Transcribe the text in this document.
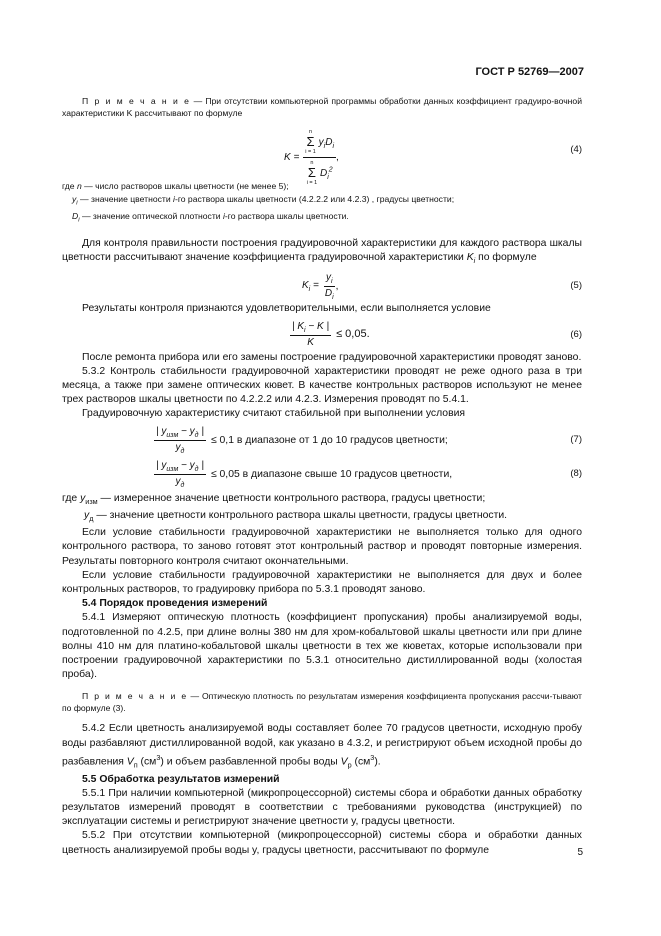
ГОСТ Р 52769—2007

П р и м е ч а н и е — При отсутствии компьютерной программы обработки данных коэффициент градуиро-вочной характеристики K рассчитывают по формуле

K = n
Σ
i = 1
$y_iD_i$
n
Σ
i = 1
$D_i^2$ ,
(4)

где n — число растворов шкалы цветности (не менее 5);

$y_i$ — значение цветности i-го раствора шкалы цветности (4.2.2.2 или 4.2.3) , градусы цветности;

$D_i$ — значение оптической плотности i-го раствора шкалы цветности.

Для контроля правильности построения градуировочной характеристики для каждого раствора шкалы цветности рассчитывают значение коэффициента градуировочной характеристики $K_i$ по формуле

$K_i = \frac{y_i}{D_i}$ ,	(5)

Результаты контроля признаются удовлетворительными, если выполняется условие

$\frac{| K_i - K |}{K} \le 0,05$.	(6)

После ремонта прибора или его замены построение градуировочной характеристики проводят заново.

5.3.2 Контроль стабильности градуировочной характеристики проводят не реже одного раза в три месяца, а также при замене оптических кювет. В качестве контрольных растворов используют не менее трех растворов шкалы цветности по 4.2.2.2 или 4.2.3. Измерения проводят по 5.4.1.

Градуировочную характеристику считают стабильной при выполнении условия

$\frac{| y_{изм} - y_д |}{y_д} \le 0,1$ в диапазоне от 1 до 10 градусов цветности;	(7)
$\frac{| y_{изм} - y_д |}{y_д} \le 0,05$ в диапазоне свыше 10 градусов цветности,	(8)

где $y_{изм}$ — измеренное значение цветности контрольного раствора, градусы цветности;

$y_д$ — значение цветности контрольного раствора шкалы цветности, градусы цветности.

Если условие стабильности градуировочной характеристики не выполняется только для одного контрольного раствора, то заново готовят этот контрольный раствор и проводят повторные измерения. Результаты повторного контроля считают окончательными.

Если условие стабильности градуировочной характеристики не выполняется для двух и более контрольных растворов, то градуировку прибора по 5.3.1 проводят заново.

5.4 Порядок проведения измерений

5.4.1 Измеряют оптическую плотность (коэффициент пропускания) пробы анализируемой воды, подготовленной по 4.2.5, при длине волны 380 нм для хром-кобальтовой шкалы цветности или при длине волны 410 нм для платино-кобальтовой шкалы цветности в тех же кюветах, которые использовали при построении градуировочной характеристики по 5.3.1 относительно дистиллированной воды (холостая проба).

П р и м е ч а н и е — Оптическую плотность по результатам измерения коэффициента пропускания рассчи-тывают по формуле (3).

5.4.2 Если цветность анализируемой воды составляет более 70 градусов цветности, исходную пробу воды разбавляют дистиллированной водой, как указано в 4.3.2, и регистрируют объем исходной пробы до разбавления $V_п$ $(см^3)$ и объем разбавленной пробы воды $V_р$ $(см^3)$.

5.5 Обработка результатов измерений

5.5.1 При наличии компьютерной (микропроцессорной) системы сбора и обработки данных обработку результатов измерений проводят в соответствии с требованиями руководства (инструкцией) по эксплуатации системы и регистрируют значение цветности y, градусы цветности.

5.5.2 При отсутствии компьютерной (микропроцессорной) системы сбора и обработки данных цветность анализируемой пробы воды y, градусы цветности, рассчитывают по формуле	5
